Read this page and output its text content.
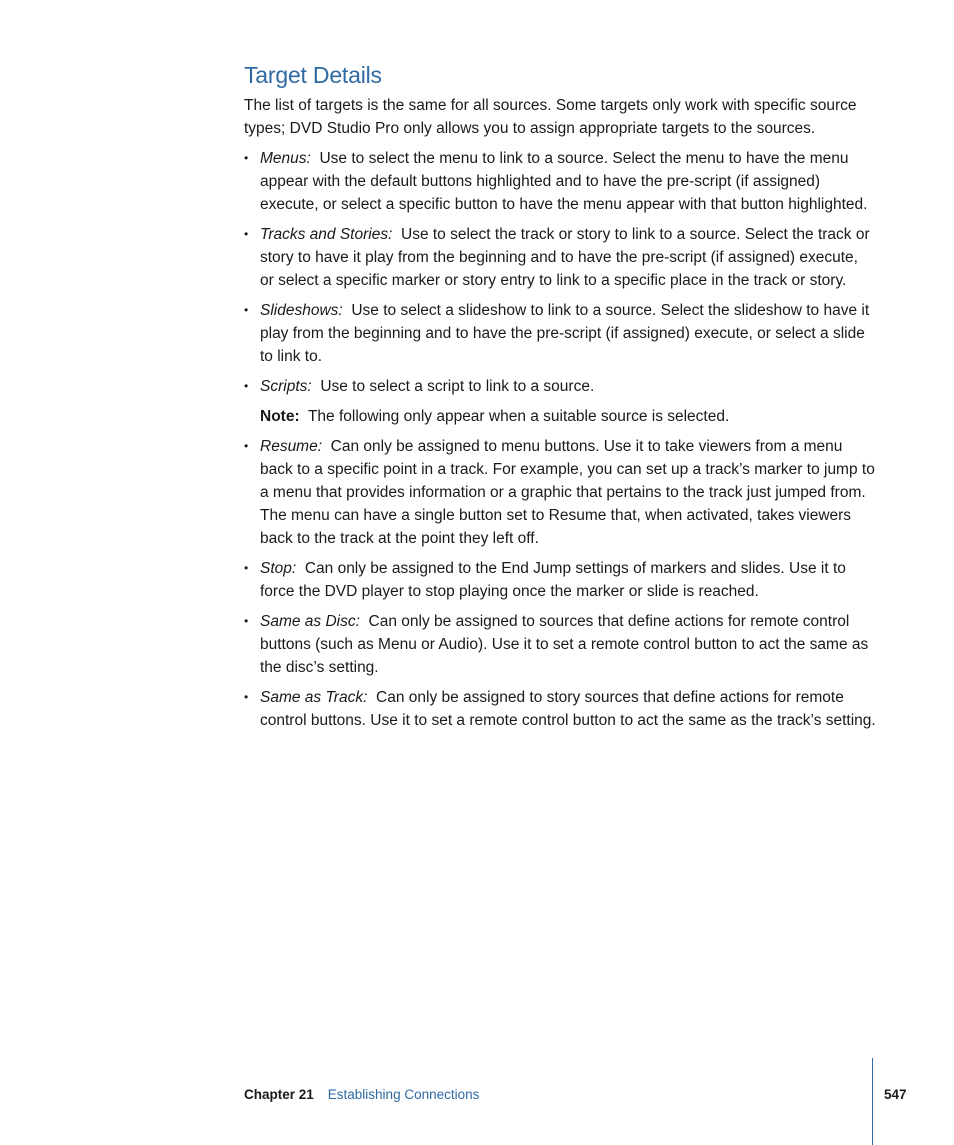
Target Details

The list of targets is the same for all sources. Some targets only work with specific source types; DVD Studio Pro only allows you to assign appropriate targets to the sources.

• Menus: Use to select the menu to link to a source. Select the menu to have the menu appear with the default buttons highlighted and to have the pre-script (if assigned) execute, or select a specific button to have the menu appear with that button highlighted.
• Tracks and Stories: Use to select the track or story to link to a source. Select the track or story to have it play from the beginning and to have the pre-script (if assigned) execute, or select a specific marker or story entry to link to a specific place in the track or story.
• Slideshows: Use to select a slideshow to link to a source. Select the slideshow to have it play from the beginning and to have the pre-script (if assigned) execute, or select a slide to link to.
• Scripts: Use to select a script to link to a source.

Note: The following only appear when a suitable source is selected.

• Resume: Can only be assigned to menu buttons. Use it to take viewers from a menu back to a specific point in a track. For example, you can set up a track’s marker to jump to a menu that provides information or a graphic that pertains to the track just jumped from. The menu can have a single button set to Resume that, when activated, takes viewers back to the track at the point they left off.
• Stop: Can only be assigned to the End Jump settings of markers and slides. Use it to force the DVD player to stop playing once the marker or slide is reached.
• Same as Disc: Can only be assigned to sources that define actions for remote control buttons (such as Menu or Audio). Use it to set a remote control button to act the same as the disc’s setting.
• Same as Track: Can only be assigned to story sources that define actions for remote control buttons. Use it to set a remote control button to act the same as the track’s setting.
Chapter 21 Establishing Connections	547
